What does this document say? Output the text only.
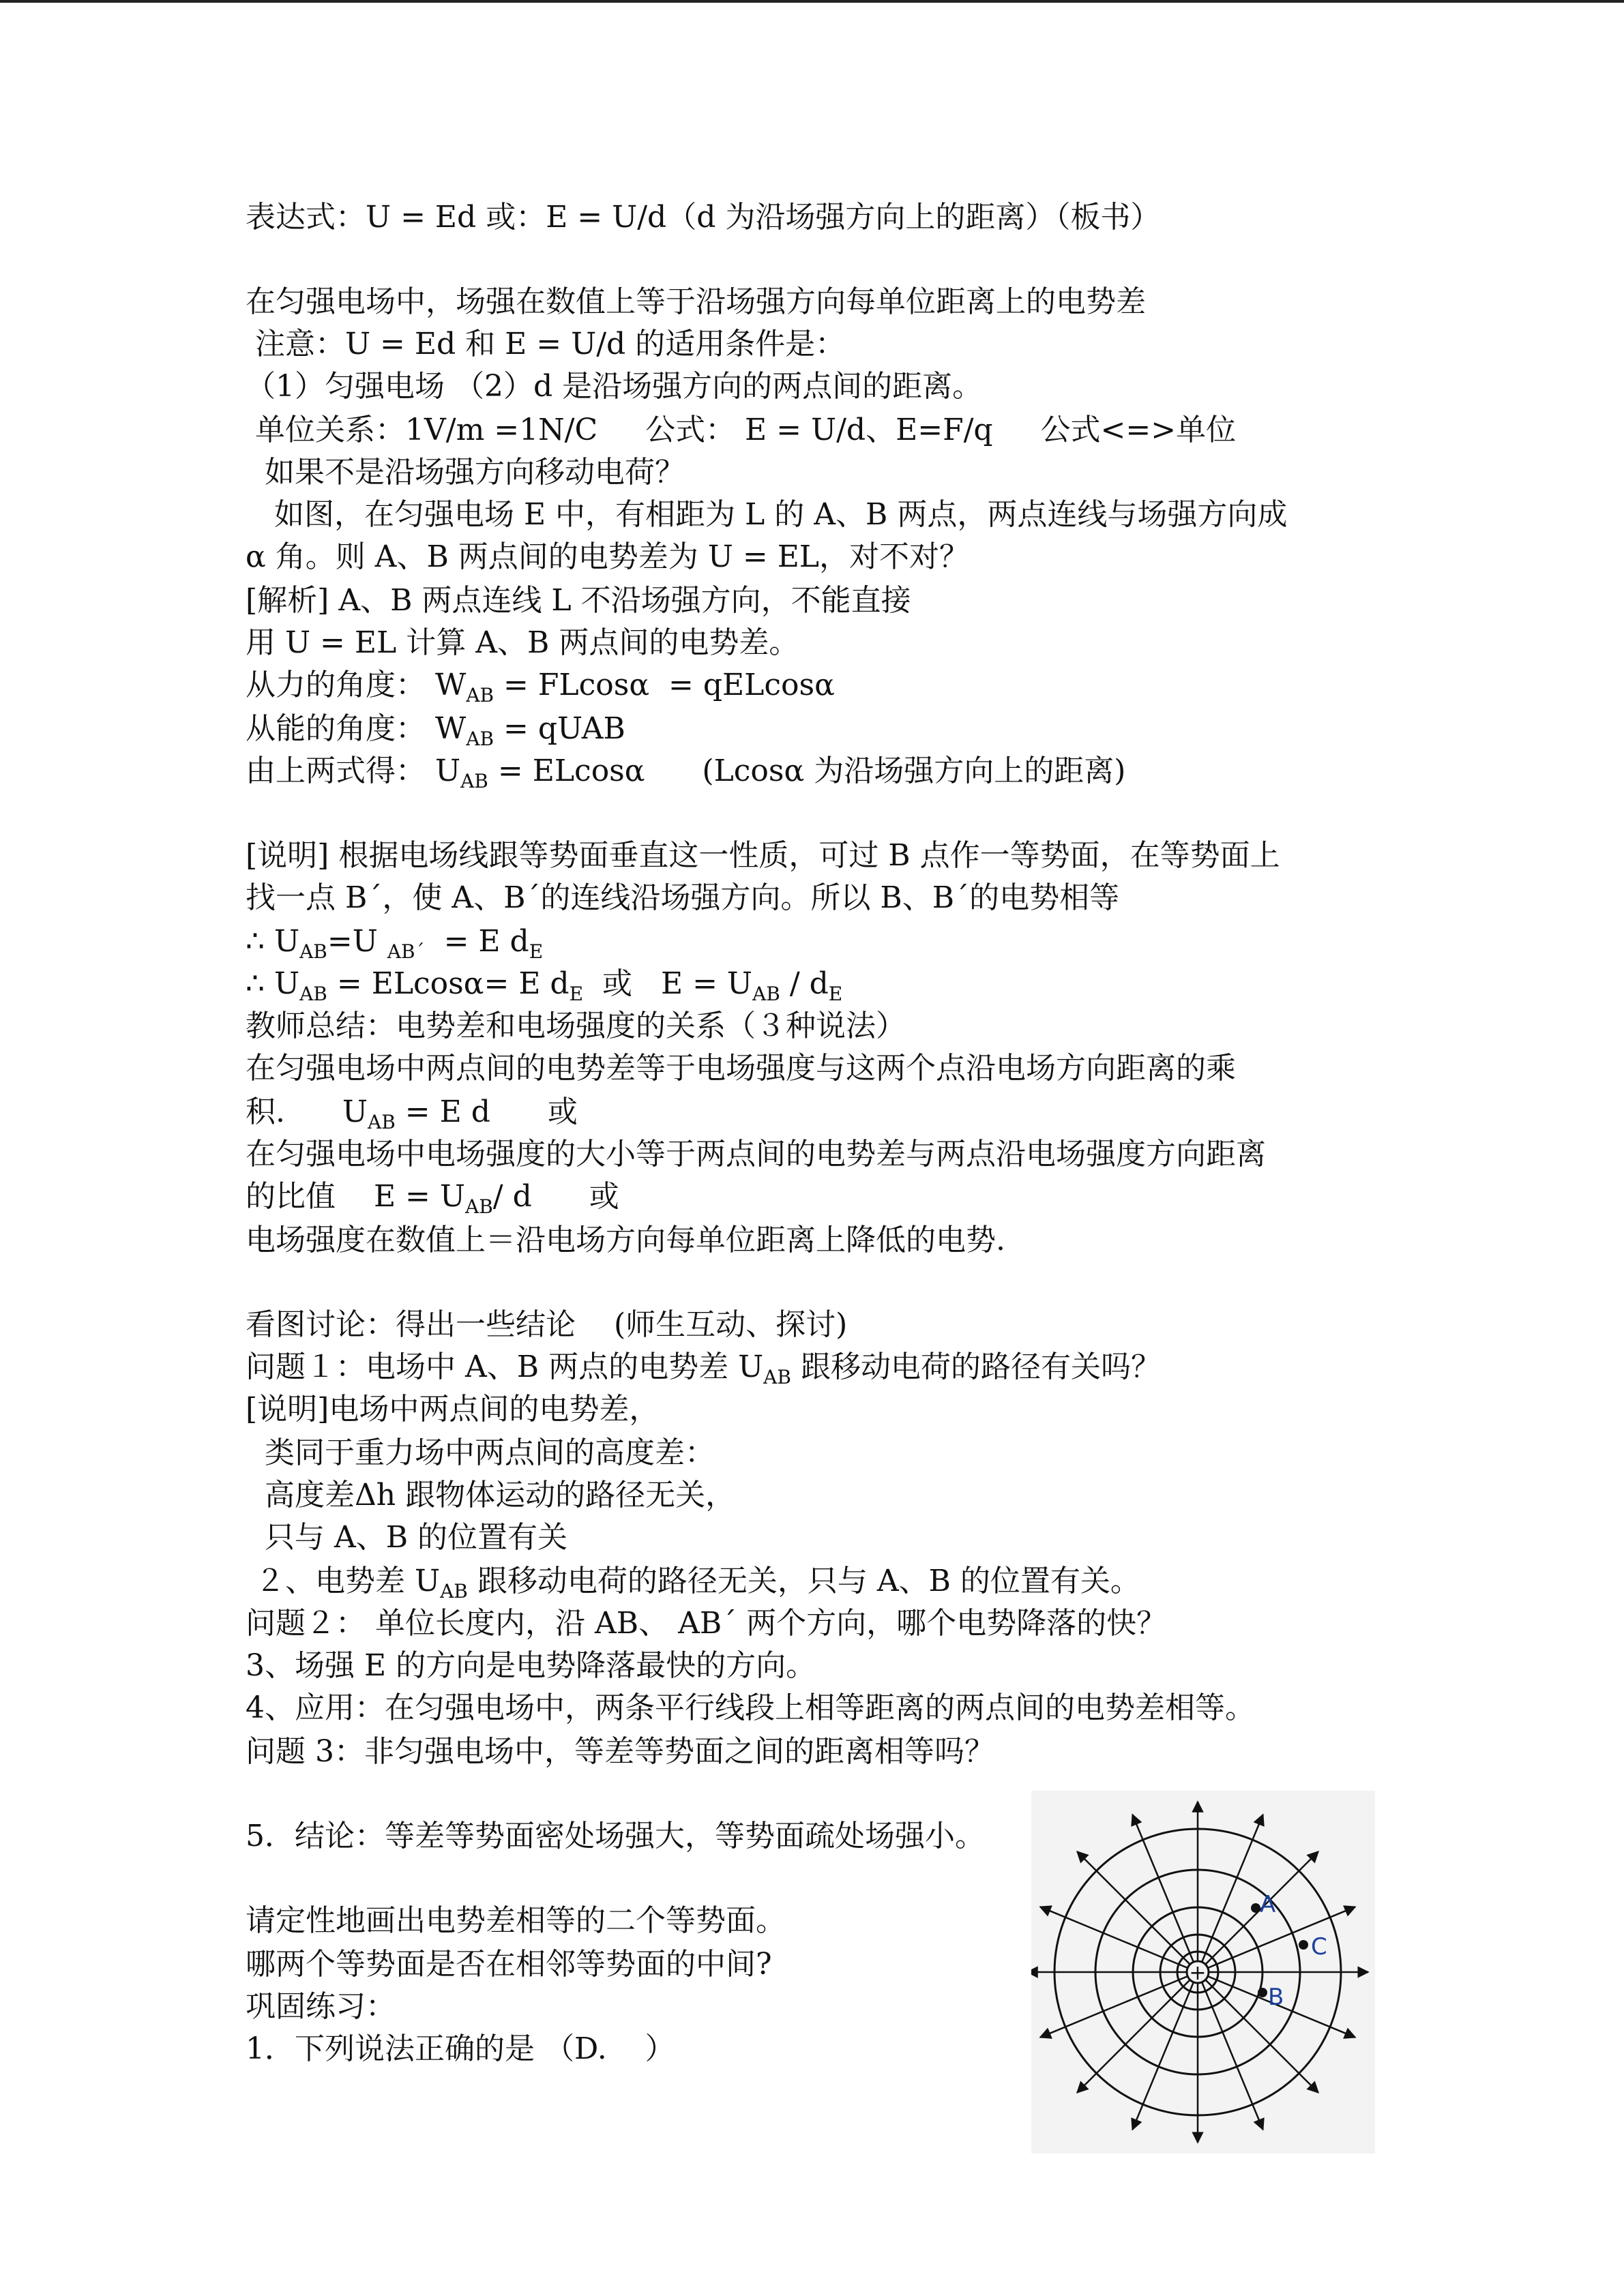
表达式：U = Ed 或：E = U/d（d 为沿场强方向上的距离）（板书）
在匀强电场中，场强在数值上等于沿场强方向每单位距离上的电势差
注意：U = Ed 和 E = U/d 的适用条件是：
（1）匀强电场 （2）d 是沿场强方向的两点间的距离。
单位关系：1V/m =1N/C     公式： E = U/d、E=F/q     公式<=>单位
如果不是沿场强方向移动电荷？
如图，在匀强电场 E 中，有相距为 L 的 A、B 两点，两点连线与场强方向成
α 角。则 A、B 两点间的电势差为 U = EL，对不对？
[解析] A、B 两点连线 L 不沿场强方向，不能直接
用 U = EL 计算 A、B 两点间的电势差。
从力的角度： $W_{AB} = FLcos\alpha = qELcos\alpha$
从能的角度： $W_{AB}$ = qUAB
由上两式得： $U_{AB} = ELcos\alpha$      (Lcosα 为沿场强方向上的距离)
[说明] 根据电场线跟等势面垂直这一性质，可过 B 点作一等势面，在等势面上
找一点 B´，使 A、B´的连线沿场强方向。所以 B、B´的电势相等
∴ $U_{AB}=U$ $_{AB´}$  = E $d_E$
∴ $U_{AB} = ELcos\alpha= E$ $d_E$  或   $E = U_{AB} / d_E$
教师总结：电势差和电场强度的关系（３种说法）
在匀强电场中两点间的电势差等于电场强度与这两个点沿电场方向距离的乘
积.      $U_{AB} = E$ d      或
在匀强电场中电场强度的大小等于两点间的电势差与两点沿电场强度方向距离
的比值    $E = U_{AB}/$ d      或
电场强度在数值上＝沿电场方向每单位距离上降低的电势.
看图讨论：得出一些结论    (师生互动、探讨)
问题１：电场中 A、B 两点的电势差 $U_{AB}$ 跟移动电荷的路径有关吗？
[说明]电场中两点间的电势差，
类同于重力场中两点间的高度差：
高度差Δh 跟物体运动的路径无关，
只与 A、B 的位置有关
２、电势差 $U_{AB}$ 跟移动电荷的路径无关，只与 A、B 的位置有关。
问题２： 单位长度内，沿 AB、 AB´ 两个方向，哪个电势降落的快？
3、场强 E 的方向是电势降落最快的方向。
4、应用：在匀强电场中，两条平行线段上相等距离的两点间的电势差相等。
问题 3：非匀强电场中，等差等势面之间的距离相等吗？
5．结论：等差等势面密处场强大，等势面疏处场强小。
请定性地画出电势差相等的二个等势面。
哪两个等势面是否在相邻等势面的中间?
巩固练习：
1．下列说法正确的是 （D.    ）
A
B
C
+
